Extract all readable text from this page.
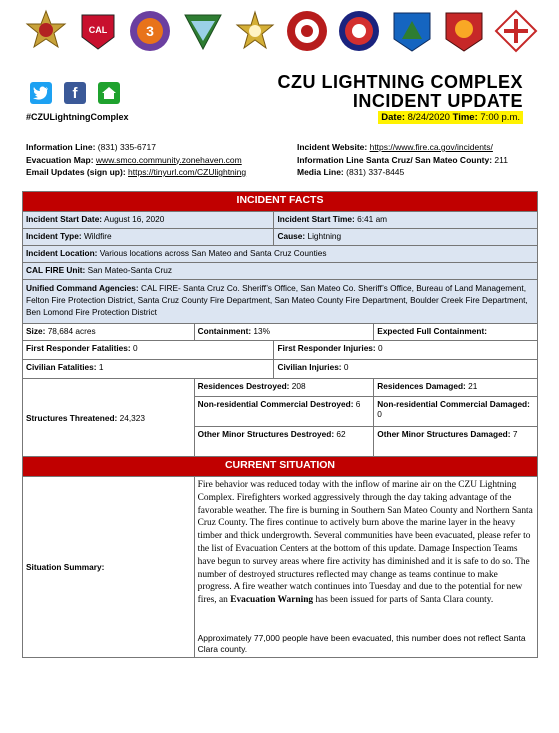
CAL	3
f
#CZULightningComplex
CZU LIGHTNING COMPLEX
INCIDENT UPDATE
Date: 8/24/2020 Time: 7:00 p.m.
Information Line: (831) 335-6717
Evacuation Map: www.smco.community.zonehaven.com
Email Updates (sign up): https://tinyurl.com/CZUlightning
Incident Website: https://www.fire.ca.gov/incidents/
Information Line Santa Cruz/ San Mateo County: 211
Media Line: (831) 337-8445
INCIDENT FACTS			
Incident Start Date: August 16, 2020		Incident Start Time: 6:41 am	
Incident Type: Wildfire		Cause: Lightning	
Incident Location: Various locations across San Mateo and Santa Cruz Counties			
CAL FIRE Unit: San Mateo-Santa Cruz			
Unified Command Agencies: CAL FIRE- Santa Cruz Co. Sheriff’s Office, San Mateo Co. Sheriff’s Office, Bureau of Land Management, Felton Fire Protection District, Santa Cruz County Fire Department, San Mateo County Fire Department, Boulder Creek Fire Department, Ben Lomond Fire Protection District			
Size: 78,684 acres	Containment: 13%		Expected Full Containment:
First Responder Fatalities: 0		First Responder Injuries: 0	
Civilian Fatalities: 1		Civilian Injuries: 0	
Structures Threatened: 24,323	Residences Destroyed: 208		Residences Damaged: 21
	Non-residential Commercial Destroyed: 6		Non-residential Commercial Damaged: 0
	Other Minor Structures Destroyed: 62		Other Minor Structures Damaged: 7
CURRENT SITUATION			
Situation Summary:	Fire behavior was reduced today with the inflow of marine air on the CZU Lightning Complex. Firefighters worked aggressively through the day taking advantage of the favorable weather. The fire is burning in Southern San Mateo County and Northern Santa Cruz County. The fires continue to actively burn above the marine layer in the heavy timber and thick undergrowth. Several communities have been evacuated, please refer to the list of Evacuation Centers at the bottom of this update. Damage Inspection Teams have begun to survey areas where fire activity has diminished and it is safe to do so. The number of destroyed structures reflected may change as teams continue to make progress. A fire weather watch continues into Tuesday and due to the potential for new fires, an Evacuation Warning has been issued for parts of Santa Clara county.
Approximately 77,000 people have been evacuated, this number does not reflect Santa Clara county.		
